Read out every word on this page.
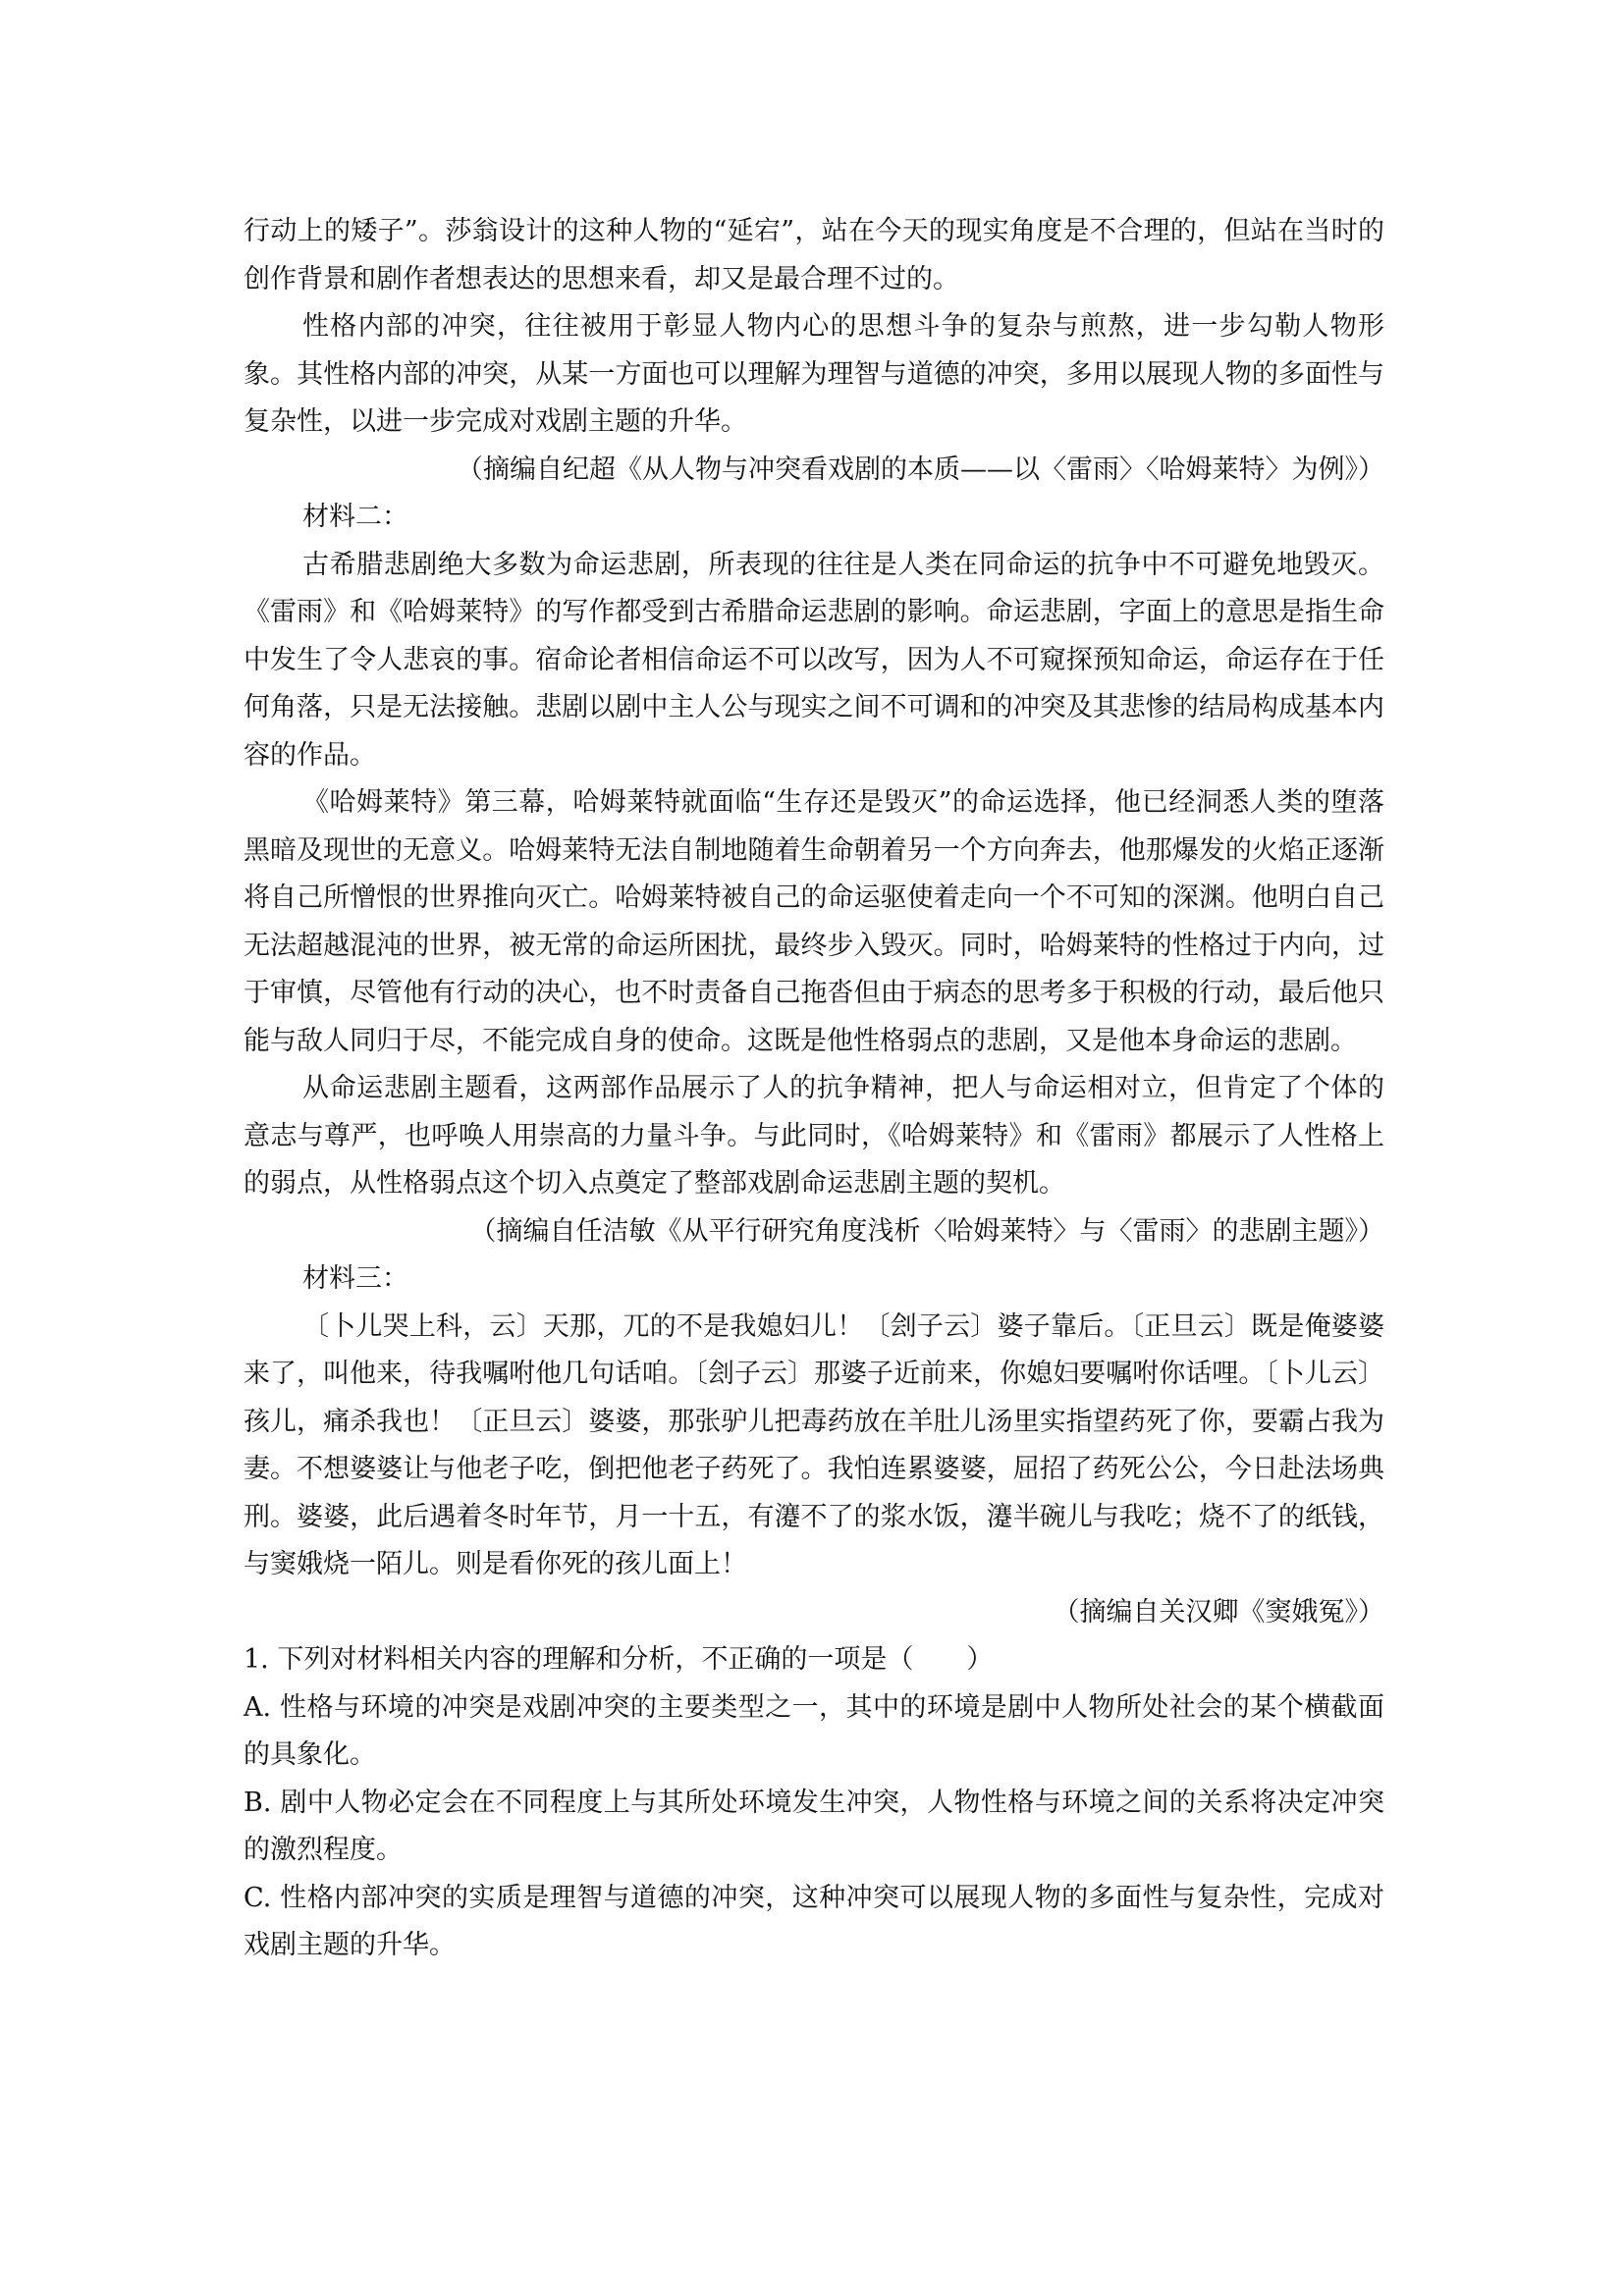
行动上的矮子”。莎翁设计的这种人物的“延宕”，站在今天的现实角度是不合理的，但站在当时的创作背景和剧作者想表达的思想来看，却又是最合理不过的。

性格内部的冲突，往往被用于彰显人物内心的思想斗争的复杂与煎熬，进一步勾勒人物形象。其性格内部的冲突，从某一方面也可以理解为理智与道德的冲突，多用以展现人物的多面性与复杂性，以进一步完成对戏剧主题的升华。

（摘编自纪超《从人物与冲突看戏剧的本质——以〈雷雨〉〈哈姆莱特〉为例》）

材料二：

古希腊悲剧绝大多数为命运悲剧，所表现的往往是人类在同命运的抗争中不可避免地毁灭。《雷雨》和《哈姆莱特》的写作都受到古希腊命运悲剧的影响。命运悲剧，字面上的意思是指生命中发生了令人悲哀的事。宿命论者相信命运不可以改写，因为人不可窥探预知命运，命运存在于任何角落，只是无法接触。悲剧以剧中主人公与现实之间不可调和的冲突及其悲惨的结局构成基本内容的作品。

《哈姆莱特》第三幕，哈姆莱特就面临“生存还是毁灭”的命运选择，他已经洞悉人类的堕落黑暗及现世的无意义。哈姆莱特无法自制地随着生命朝着另一个方向奔去，他那爆发的火焰正逐渐将自己所憎恨的世界推向灭亡。哈姆莱特被自己的命运驱使着走向一个不可知的深渊。他明白自己无法超越混沌的世界，被无常的命运所困扰，最终步入毁灭。同时，哈姆莱特的性格过于内向，过于审慎，尽管他有行动的决心，也不时责备自己拖沓但由于病态的思考多于积极的行动，最后他只能与敌人同归于尽，不能完成自身的使命。这既是他性格弱点的悲剧，又是他本身命运的悲剧。

从命运悲剧主题看，这两部作品展示了人的抗争精神，把人与命运相对立，但肯定了个体的意志与尊严，也呼唤人用崇高的力量斗争。与此同时，《哈姆莱特》和《雷雨》都展示了人性格上的弱点，从性格弱点这个切入点奠定了整部戏剧命运悲剧主题的契机。

（摘编自任洁敏《从平行研究角度浅析〈哈姆莱特〉与〈雷雨〉的悲剧主题》）

材料三：

〔卜儿哭上科，云〕天那，兀的不是我媳妇儿！〔刽子云〕婆子靠后。〔正旦云〕既是俺婆婆来了，叫他来，待我嘱咐他几句话咱。〔刽子云〕那婆子近前来，你媳妇要嘱咐你话哩。〔卜儿云〕孩儿，痛杀我也！〔正旦云〕婆婆，那张驴儿把毒药放在羊肚儿汤里实指望药死了你，要霸占我为妻。不想婆婆让与他老子吃，倒把他老子药死了。我怕连累婆婆，屈招了药死公公，今日赴法场典刑。婆婆，此后遇着冬时年节，月一十五，有瀽不了的浆水饭，瀽半碗儿与我吃；烧不了的纸钱，与窦娥烧一陌儿。则是看你死的孩儿面上！

（摘编自关汉卿《窦娥冤》）

1. 下列对材料相关内容的理解和分析，不正确的一项是（　　）

A. 性格与环境的冲突是戏剧冲突的主要类型之一，其中的环境是剧中人物所处社会的某个横截面的具象化。

B. 剧中人物必定会在不同程度上与其所处环境发生冲突，人物性格与环境之间的关系将决定冲突的激烈程度。

C. 性格内部冲突的实质是理智与道德的冲突，这种冲突可以展现人物的多面性与复杂性，完成对戏剧主题的升华。
